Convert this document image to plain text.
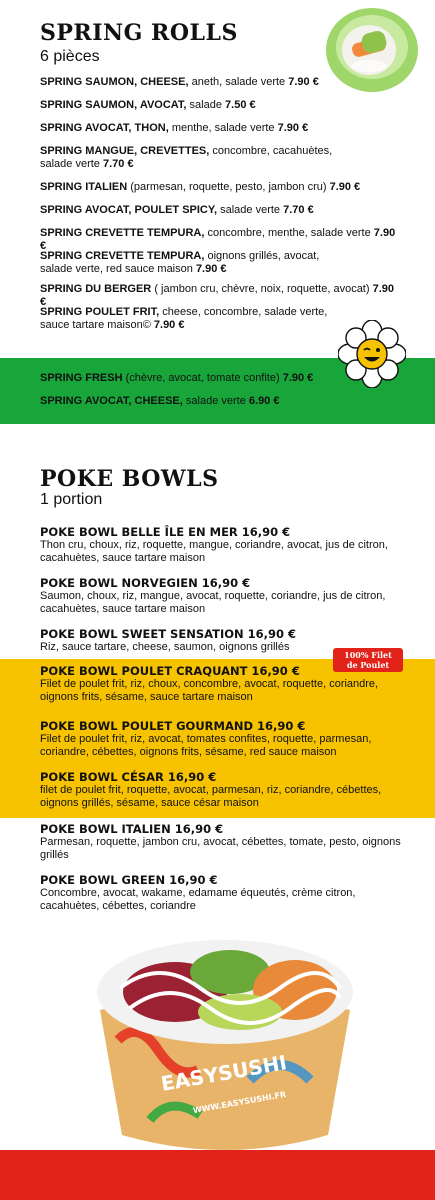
SPRING ROLLS
6 pièces
SPRING SAUMON, CHEESE, aneth, salade verte 7.90 €
SPRING SAUMON, AVOCAT, salade 7.50 €
SPRING AVOCAT, THON, menthe, salade verte 7.90 €
SPRING MANGUE, CREVETTES, concombre, cacahuètes, salade verte 7.70 €
SPRING ITALIEN (parmesan, roquette, pesto, jambon cru) 7.90 €
SPRING AVOCAT, POULET SPICY, salade verte 7.70 €
SPRING CREVETTE TEMPURA, concombre, menthe, salade verte 7.90 €
SPRING CREVETTE TEMPURA, oignons grillés, avocat, salade verte, red sauce maison 7.90 €
SPRING DU BERGER ( jambon cru, chèvre, noix, roquette, avocat) 7.90 €
SPRING POULET FRIT, cheese, concombre, salade verte, sauce tartare maison© 7.90 €
SPRING FRESH (chèvre, avocat, tomate confite) 7.90 €
SPRING AVOCAT, CHEESE, salade verte 6.90 €
POKE BOWLS
1 portion
100% Filet
de Poulet
POKE BOWL BELLE ÎLE EN MER 16,90 €
Thon cru, choux, riz, roquette, mangue, coriandre, avocat, jus de citron, cacahuètes, sauce tartare maison
POKE BOWL NORVEGIEN 16,90 €
Saumon, choux, riz, mangue, avocat, roquette, coriandre, jus de citron, cacahuètes, sauce tartare maison
POKE BOWL SWEET SENSATION 16,90 €
Riz, sauce tartare, cheese, saumon, oignons grillés
POKE BOWL POULET CRAQUANT 16,90 €
Filet de poulet frit, riz, choux, concombre, avocat, roquette, coriandre, oignons frits, sésame, sauce tartare maison
POKE BOWL POULET GOURMAND 16,90 €
Filet de poulet frit, riz, avocat, tomates confites, roquette, parmesan, coriandre, cébettes, oignons frits, sésame, red sauce maison
POKE BOWL CÉSAR 16,90 €
filet de poulet frit, roquette, avocat, parmesan, riz, coriandre, cébettes, oignons grillés, sésame, sauce césar maison
POKE BOWL ITALIEN 16,90 €
Parmesan, roquette, jambon cru, avocat, cébettes, tomate, pesto, oignons grillés
POKE BOWL GREEN 16,90 €
Concombre, avocat, wakame, edamame équeutés, crème citron, cacahuètes, cébettes, coriandre
EASYSUSHI
WWW.EASYSUSHI.FR
